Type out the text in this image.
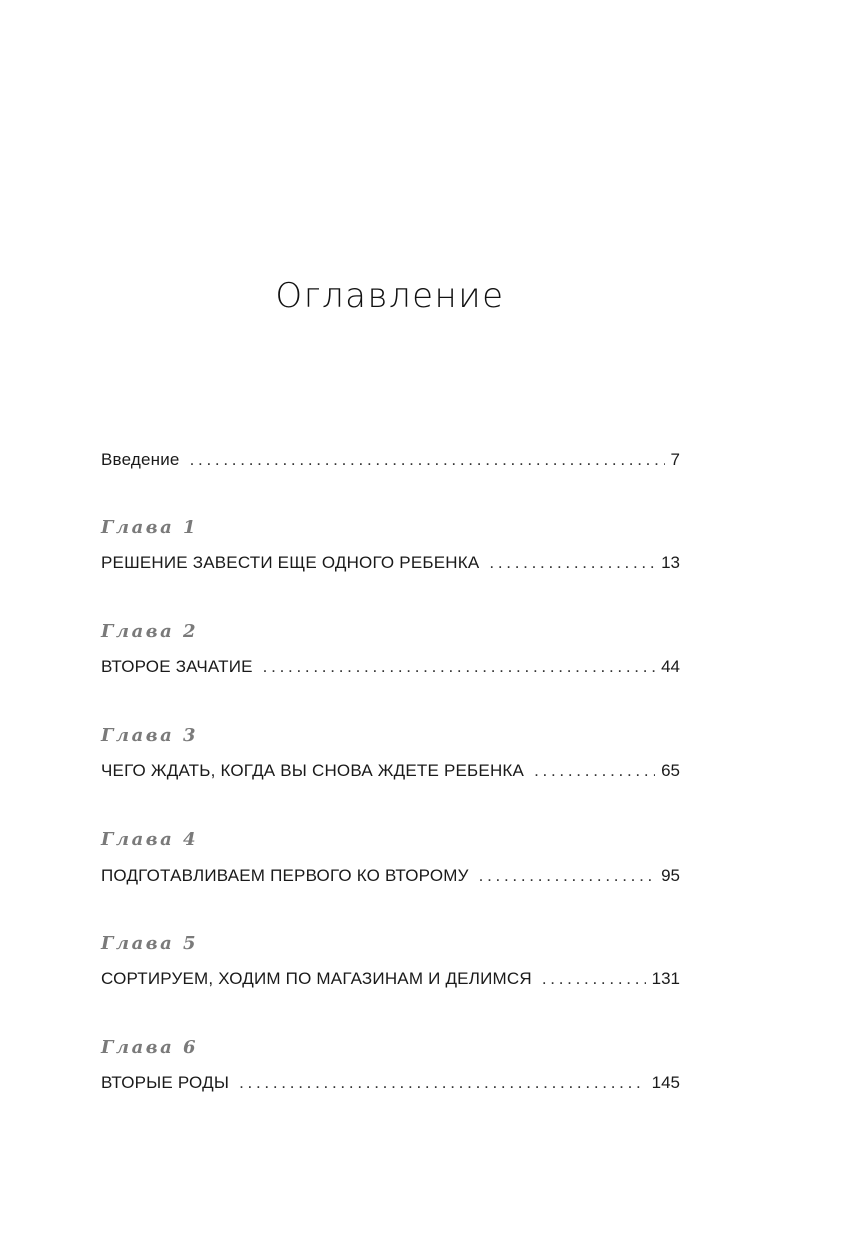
Оглавление
Введение . . .	7
Глава 1
РЕШЕНИЕ ЗАВЕСТИ ЕЩЕ ОДНОГО РЕБЕНКА . . .	13
Глава 2
ВТОРОЕ ЗАЧАТИЕ . . .	44
Глава 3
ЧЕГО ЖДАТЬ, КОГДА ВЫ СНОВА ЖДЕТЕ РЕБЕНКА . . .	65
Глава 4
ПОДГОТАВЛИВАЕМ ПЕРВОГО КО ВТОРОМУ . . .	95
Глава 5
СОРТИРУЕМ, ХОДИМ ПО МАГАЗИНАМ И ДЕЛИМСЯ . . .	131
Глава 6
ВТОРЫЕ РОДЫ . . .	145
